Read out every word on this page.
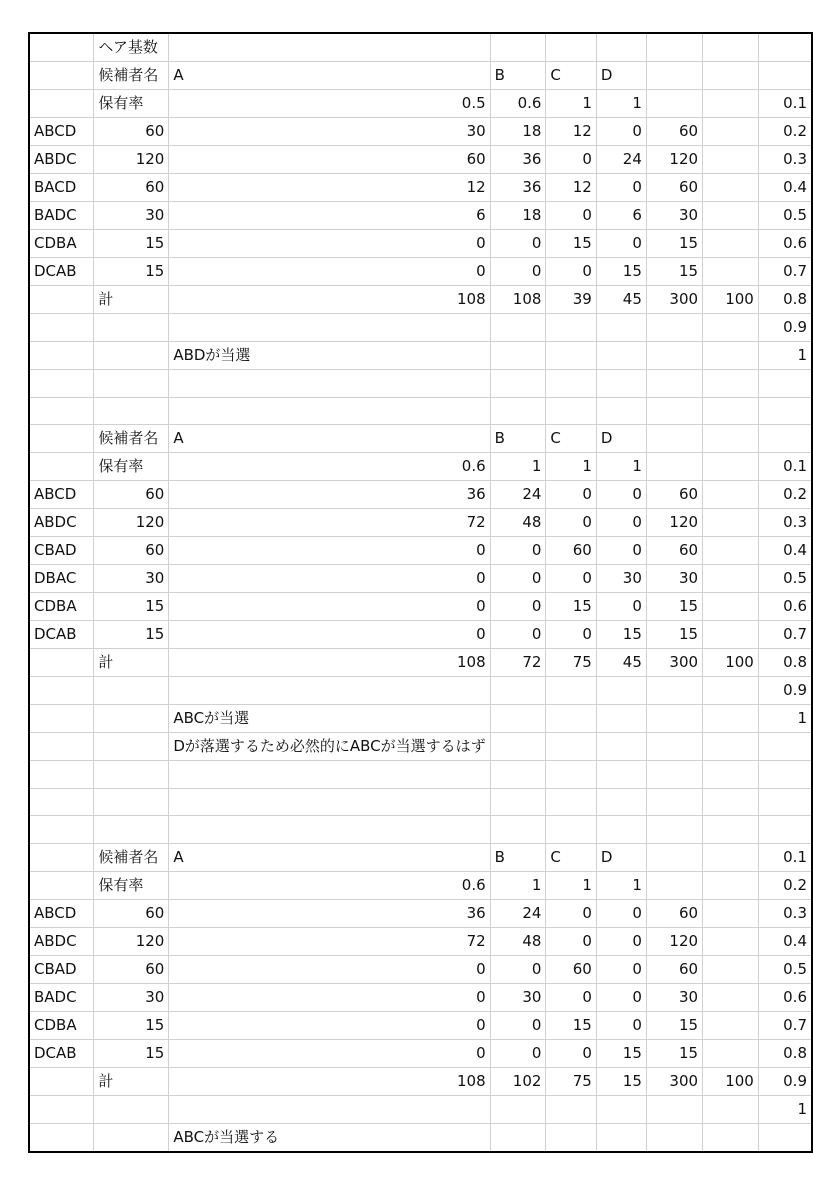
	ヘア基数							
	候補者名	A	B	C	D			
	保有率	0.5	0.6	1	1			0.1
ABCD	60	30	18	12	0	60		0.2
ABDC	120	60	36	0	24	120		0.3
BACD	60	12	36	12	0	60		0.4
BADC	30	6	18	0	6	30		0.5
CDBA	15	0	0	15	0	15		0.6
DCAB	15	0	0	0	15	15		0.7
	計	108	108	39	45	300	100	0.8
								0.9
		ABDが当選						1

	候補者名	A	B	C	D			
	保有率	0.6	1	1	1			0.1
ABCD	60	36	24	0	0	60		0.2
ABDC	120	72	48	0	0	120		0.3
CBAD	60	0	0	60	0	60		0.4
DBAC	30	0	0	0	30	30		0.5
CDBA	15	0	0	15	0	15		0.6
DCAB	15	0	0	0	15	15		0.7
	計	108	72	75	45	300	100	0.8
								0.9
		ABCが当選						1
		Dが落選するため必然的にABCが当選するはず						

	候補者名	A	B	C	D			0.1
	保有率	0.6	1	1	1			0.2
ABCD	60	36	24	0	0	60		0.3
ABDC	120	72	48	0	0	120		0.4
CBAD	60	0	0	60	0	60		0.5
BADC	30	0	30	0	0	30		0.6
CDBA	15	0	0	15	0	15		0.7
DCAB	15	0	0	0	15	15		0.8
	計	108	102	75	15	300	100	0.9
								1
		ABCが当選する						
